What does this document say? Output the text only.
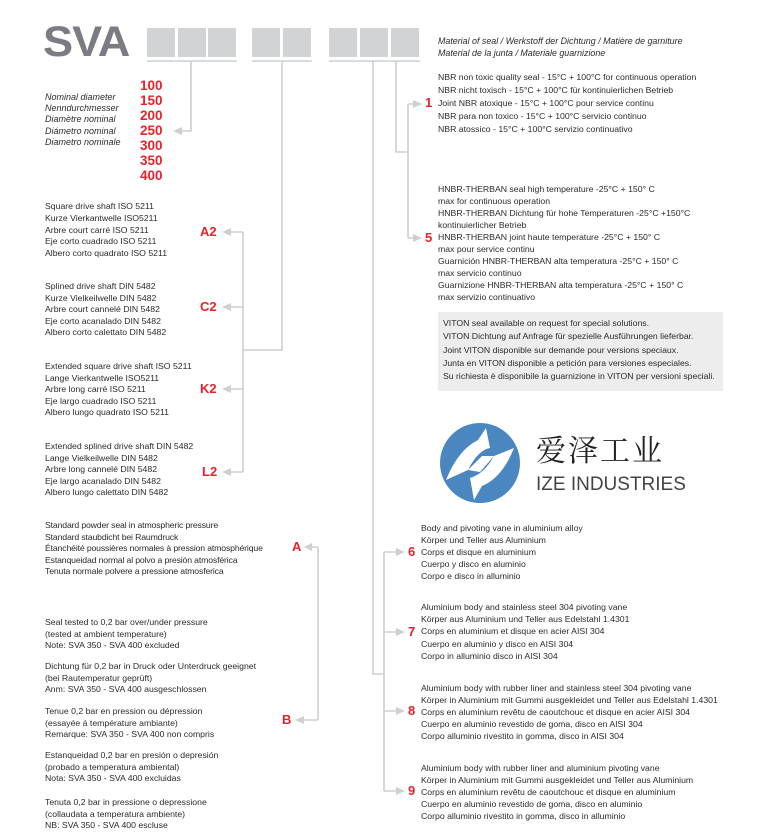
SVA
Nominal diameter
Nenndurchmesser
Diamètre nominal
Diámetro nominal
Diametro nominale
100
150
200
250
300
350
400
Square drive shaft ISO 5211
Kurze Vierkantwelle ISO5211
Arbre court carré ISO 5211
Eje corto cuadrado ISO 5211
Albero corto quadrato ISO 5211
A2
Splined drive shaft DIN 5482
Kurze Vielkeilwelle DIN 5482
Arbre court cannelé DIN 5482
Eje corto acanalado DIN 5482
Albero corto calettato DIN 5482
C2
Extended square drive shaft ISO 5211
Lange Vierkantwelle ISO5211
Arbre long carré ISO 5211
Eje largo cuadrado ISO 5211
Albero lungo quadrato ISO 5211
K2
Extended splined drive shaft DIN 5482
Lange Vielkeilwelle DIN 5482
Arbre long cannelé DIN 5482
Eje largo acanalado DIN 5482
Albero lungo calettato DIN 5482
L2
Standard powder seal in atmospheric pressure
Standard staubdicht bei Raumdruck
Étanchéité poussières normales à pression atmosphérique
Estanqueidad normal al polvo a presión atmosférica
Tenuta normale polvere a pressione atmosferica
A
Seal tested to 0,2 bar over/under pressure
(tested at ambient temperature)
Note: SVA 350 - SVA 400 excluded
Dichtung für 0,2 bar in Druck oder Unterdruck geeignet
(bei Rautemperatur geprüft)
Anm: SVA 350 - SVA 400 ausgeschlossen
Tenue 0,2 bar en pression ou dépression
(essayée á température ambiante)
Remarque: SVA 350 - SVA 400 non compris
Estanqueidad 0,2 bar en presión o depresión
(probado a temperatura ambiental)
Nota: SVA 350 - SVA 400 excluidas
Tenuta 0,2 bar in pressione o depressione
(collaudata a temperatura ambiente)
NB: SVA 350 - SVA 400 escluse
B
Material of seal / Werkstoff der Dichtung / Matière de garniture
Material de la junta / Materiale guarnizione
NBR non toxic quality seal - 15°C + 100°C for continuous operation
NBR nicht toxisch - 15°C + 100°C für kontinuierlichen Betrieb
Joint NBR atoxique - 15°C + 100°C pour service continu
NBR para non toxico - 15°C + 100°C servicio continuo
NBR atossico - 15°C + 100°C servizio continuativo
1
HNBR-THERBAN seal high temperature -25°C + 150° C
max for continuous operation
HNBR-THERBAN Dichtung für hohe Temperaturen -25°C +150°C
kontinuierlicher Betrieb
HNBR-THERBAN joint haute temperature -25°C + 150° C
max pour service continu
Guarnición HNBR-THERBAN alta temperatura -25°C + 150° C
max servicio continuo
Guarnizione HNBR-THERBAN alta temperatura -25°C + 150° C
max servizio continuativo
5
VITON seal available on request for special solutions.
VITON Dichtung auf Anfrage für spezielle Ausführungen lieferbar.
Joint VITON disponible sur demande pour versions speciaux.
Junta en VITON disponible a petición para versiones especiales.
Su richiesta è disponibile la guarnizione in VITON per versioni speciali.
爱泽工业
IZE INDUSTRIES
Body and pivoting vane in aluminium alloy
Körper und Teller aus Aluminium
Corps et disque en aluminium
Cuerpo y disco en aluminio
Corpo e disco in alluminio
6
Aluminium body and stainless steel 304 pivoting vane
Körper aus Aluminium und Teller aus Edelstahl 1.4301
Corps en aluminium et disque en acier AISI 304
Cuerpo en aluminio y disco en AISI 304
Corpo in alluminio disco in AISI 304
7
Aluminium body with rubber liner and stainless steel 304 pivoting vane
Körper in Aluminium mit Gummi ausgekleidet und Teller aus Edelstahl 1.4301
Corps en aluminium revêtu de caoutchouc et disque en acier AISI 304
Cuerpo en aluminio revestido de goma, disco en AISI 304
Corpo alluminio rivestito in gomma, disco in AISI 304
8
Aluminium body with rubber liner and aluminium pivoting vane
Körper in Aluminium mit Gummi ausgekleidet und Teller aus Aluminium
Corps en aluminium revêtu de caoutchouc et disque en aluminium
Cuerpo en aluminio revestido de goma, disco en aluminio
Corpo alluminio rivestito in gomma, disco in alluminio
9
